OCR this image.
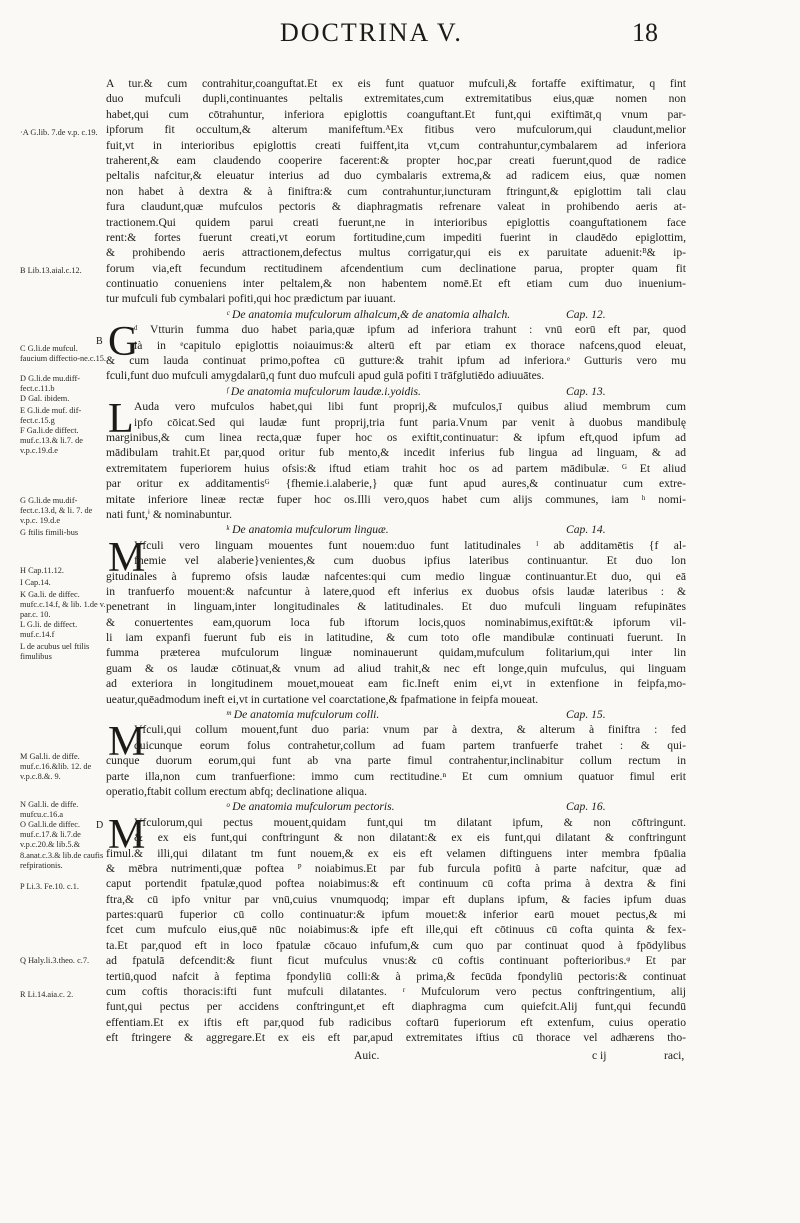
DOCTRINA V.	18
·A G.lib. 7.de v.p. c.19.
B Lib.13.aial.c.12.
C G.li.de mufcul. faucium diffectio-ne.c.15.
D G.li.de mu.diff-fect.c.11.b
D Gal. ibidem.
E G.li.de muf. dif-fect.c.15.g
F Ga.li.de diffect. muf.c.13.& li.7. de v.p.c.19.d.e
G G.li.de mu.dif-fect.c.13.d, & li. 7. de v.p.c. 19.d.e
G ftilis fimili-bus
H Cap.11.12.
I Cap.14.
K Ga.li. de diffec. mufc.c.14.f, & lib. 1.de v. par.c. 10.
L G.li. de diffect. muf.c.14.f
L de acubus uel ftilis fimulibus
M Gal.li. de diffe. muf.c.16.&lib. 12. de v.p.c.8.&. 9.
N Gal.li. de diffe. mufcu.c.16.a
O Gal.li.de diffec. muf.c.17.& li.7.de v.p.c.20.& lib.5.& 8.anat.c.3.& lib.de caufis refpirationis.
P Li.3. Fe.10. c.1.
Q Haly.li.3.theo. c.7.
R Li.14.aia.c. 2.
A tur.& cum contrahitur,coanguftat.Et ex eis funt quatuor mufculi,& fortaffe exiftimatur, q fint
duo mufculi dupli,continuantes peltalis extremitates,cum extremitatibus eius,quæ nomen non
habet,qui cum cōtrahuntur, inferiora epiglottis coanguftant.Et funt,qui exiftimāt,q vnum par-
ipforum fit occultum,& alterum manifeftum.ᴬEx fitibus vero mufculorum,qui claudunt,melior
fuit,vt in interioribus epiglottis creati fuiffent,ita vt,cum contrahuntur,cymbalarem ad inferiora
traherent,& eam claudendo cooperire facerent:& propter hoc,par creati fuerunt,quod de radice
peltalis nafcitur,& eleuatur interius ad duo cymbalaris extrema,& ad radicem eius, quæ nomen
non habet à dextra & à finiftra:& cum contrahuntur,iuncturam ftringunt,& epiglottim tali clau
fura claudunt,quæ mufculos pectoris & diaphragmatis refrenare valeat in prohibendo aeris at-
tractionem.Qui quidem parui creati fuerunt,ne in interioribus epiglottis coanguftationem face
rent:& fortes fuerunt creati,vt eorum fortitudine,cum impediti fuerint in claudēdo epiglottim,
& prohibendo aeris attractionem,defectus multus corrigatur,qui eis ex paruitate aduenit:ᴮ& ip-
forum via,eft fecundum rectitudinem afcendentium cum declinatione parua, propter quam fit
continuatio conueniens inter peltalem,& non habentem nomē.Et eft etiam cum duo inuenium-
tur mufculi fub cymbalari pofiti,qui hoc prædictum par iuuant.
ᶜ De anatomia mufculorum alhalcum,& de anatomia alhalch.	Cap. 12.
G
ᵈ Vtturin fumma duo habet paria,quæ ipfum ad inferiora trahunt : vnū eorū eft par, quod
ià in ᵉcapitulo epiglottis noiauimus:& alterū eft par etiam ex thorace nafcens,quod eleuat,
& cum lauda continuat primo,poftea cū gutture:& trahit ipfum ad inferiora.ᵉ Gutturis vero mu
fculi,funt duo mufculi amygdalarū,q funt duo mufculi apud gulā pofiti ī trāfglutiēdo adiuuātes.
ᶠ De anatomia mufculorum laudæ.i.yoidis.	Cap. 13.
L Auda vero mufculos habet,qui libi funt proprij,& mufculos,ī quibus aliud membrum cum
ipfo cōicat.Sed qui laudæ funt proprij,tria funt paria.Vnum par venit à duobus mandibulę
marginibus,& cum linea recta,quæ fuper hoc os exiftit,continuatur: & ipfum eft,quod ipfum ad
mādibulam trahit.Et par,quod oritur fub mento,& incedit inferius fub lingua ad linguam, & ad
extremitatem fuperiorem huius ofsis:& iftud etiam trahit hoc os ad partem mādibulæ. ᴳ Et aliud
par oritur ex additamentisᴳ {fhemie.i.alaberie,} quæ funt apud aures,& continuatur cum extre-
mitate inferiore lineæ rectæ fuper hoc os.Illi vero,quos habet cum alijs communes, iam ʰ nomi-
nati funt,ⁱ & nominabuntur.
ᵏ De anatomia mufculorum linguæ.	Cap. 14.
M
Vfculi vero linguam mouentes funt nouem:duo funt latitudinales ˡ ab additamētis {f al-
fhemie vel alaberie}venientes,& cum duobus ipfius lateribus continuantur. Et duo lon
gitudinales à fupremo ofsis laudæ nafcentes:qui cum medio linguæ continuantur.Et duo, qui eā
in tranfuerfo mouent:& nafcuntur à latere,quod eft inferius ex duobus ofsis laudæ lateribus : &
penetrant in linguam,inter longitudinales & latitudinales. Et duo mufculi linguam refupinātes
& conuertentes eam,quorum loca fub iftorum locis,quos nominabimus,exiftūt:& ipforum vil-
li iam expanfi fuerunt fub eis in latitudine, & cum toto ofle mandibulæ continuati fuerunt. In
fumma præterea mufculorum linguæ nominauerunt quidam,mufculum folitarium,qui inter lin
guam & os laudæ cōtinuat,& vnum ad aliud trahit,& nec eft longe,quin mufculus, qui linguam
ad exteriora in longitudinem mouet,moueat eam fic.Ineft enim ei,vt in extenfione in feipfa,mo-
ueatur,quēadmodum ineft ei,vt in curtatione vel coarctatione,& fpafmatione in feipfa moueat.
ᵐ De anatomia mufculorum colli.	Cap. 15.
M
Vfculi,qui collum mouent,funt duo paria: vnum par à dextra, & alterum à finiftra : fed
quicunque eorum folus contrahetur,collum ad fuam partem tranfuerfe trahet : & qui-
cunque duorum eorum,qui funt ab vna parte fimul contrahentur,inclinabitur collum rectum in
parte illa,non cum tranfuerfione: immo cum rectitudine.ⁿ Et cum omnium quatuor fimul erit
operatio,ftabit collum erectum abfq; declinatione aliqua.
ᵒ De anatomia mufculorum pectoris.	Cap. 16.
M
Vfculorum,qui pectus mouent,quidam funt,qui tm dilatant ipfum, & non cōftringunt.
& ex eis funt,qui conftringunt & non dilatant:& ex eis funt,qui dilatant & conftringunt
fimul.& illi,qui dilatant tm funt nouem,& ex eis eft velamen diftinguens inter membra fpūalia
& mēbra nutrimenti,quæ poftea ᴾ noiabimus.Et par fub furcula pofitū à parte nafcitur, quæ ad
caput portendit fpatulæ,quod poftea noiabimus:& eft continuum cū cofta prima à dextra & fini
ftra,& cū ipfo vnitur par vnū,cuius vnumquodq; impar eft duplans ipfum, & facies ipfum duas
partes:quarū fuperior cū collo continuatur:& ipfum mouet:& inferior earū mouet pectus,& mi
fcet cum mufculo eius,quē nūc noiabimus:& ipfe eft ille,qui eft cōtinuus cū cofta quinta & fex-
ta.Et par,quod eft in loco fpatulæ cōcauo infufum,& cum quo par continuat quod à fpōdylibus
ad fpatulā defcendit:& fiunt ficut mufculus vnus:& cū coftis continuant pofterioribus.ᵠ Et par
tertiū,quod nafcit à feptima fpondyliū colli:& à prima,& fecūda fpondyliū pectoris:& continuat
cum coftis thoracis:ifti funt mufculi dilatantes. ʳ Mufculorum vero pectus conftringentium, alij
funt,qui pectus per accidens conftringunt,et eft diaphragma cum quiefcit.Alij funt,qui fecundū
effentiam.Et ex iftis eft par,quod fub radicibus coftarū fuperiorum eft extenfum, cuius operatio
eft ftringere & aggregare.Et ex eis eft par,apud extremitates iftius cū thorace vel adhærens tho-
Auic.	c ij	raci,
B
D
